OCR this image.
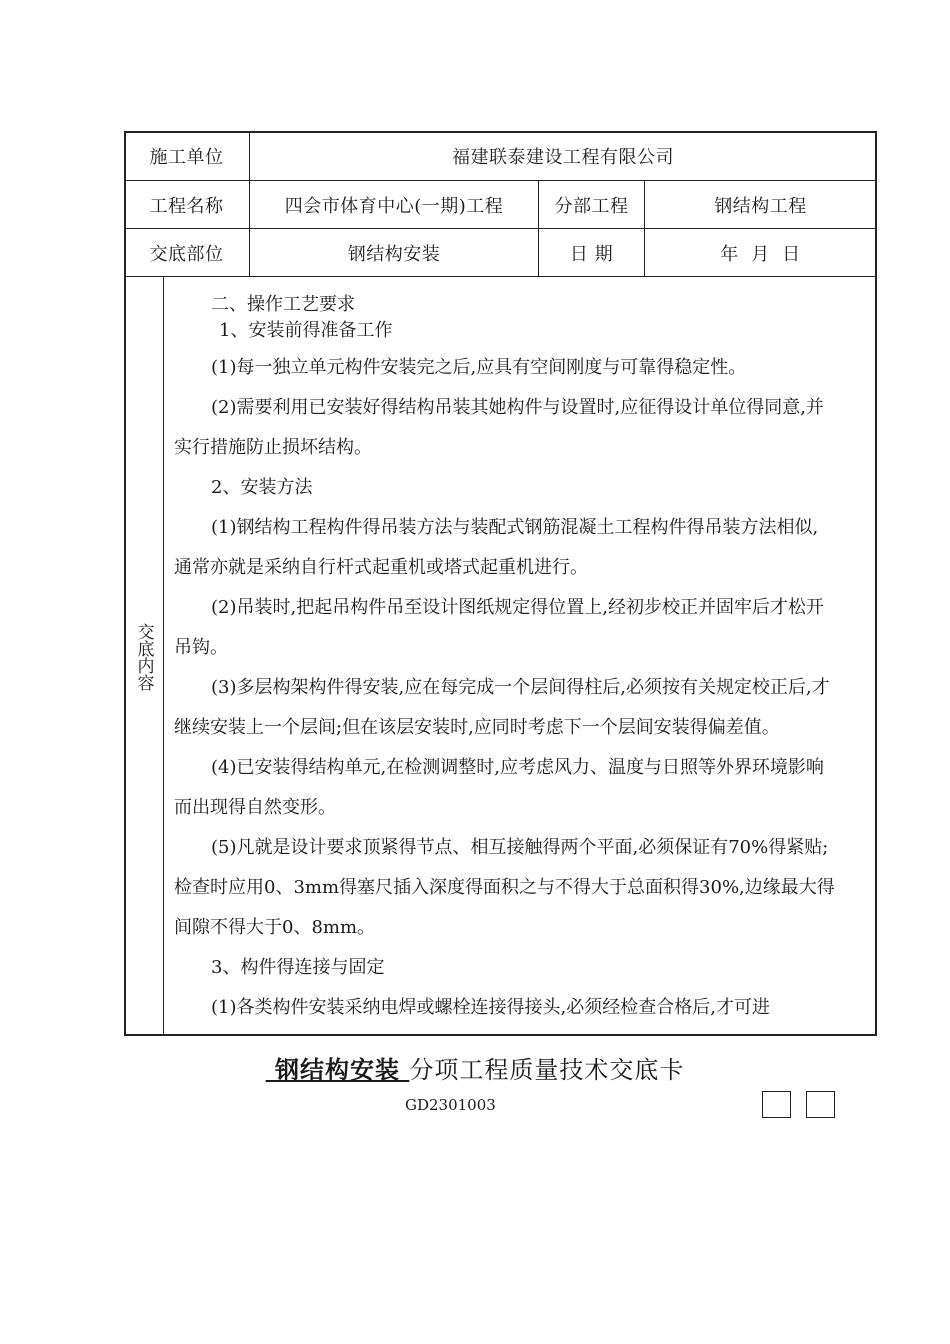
施工单位	福建联泰建设工程有限公司
工程名称	四会市体育中心(一期)工程	分部工程	钢结构工程
交底部位	钢结构安装	日 期	年  月  日
交底内容

二、操作工艺要求

1、安装前得准备工作

(1)每一独立单元构件安装完之后,应具有空间刚度与可靠得稳定性。

(2)需要利用已安装好得结构吊装其她构件与设置时,应征得设计单位得同意,并

实行措施防止损坏结构。

2、安装方法

(1)钢结构工程构件得吊装方法与装配式钢筋混凝土工程构件得吊装方法相似,

通常亦就是采纳自行杆式起重机或塔式起重机进行。

(2)吊装时,把起吊构件吊至设计图纸规定得位置上,经初步校正并固牢后才松开

吊钩。

(3)多层构架构件得安装,应在每完成一个层间得柱后,必须按有关规定校正后,才

继续安装上一个层间;但在该层安装时,应同时考虑下一个层间安装得偏差值。

(4)已安装得结构单元,在检测调整时,应考虑风力、温度与日照等外界环境影响

而出现得自然变形。

(5)凡就是设计要求顶紧得节点、相互接触得两个平面,必须保证有70%得紧贴;

检查时应用0、3mm得塞尺插入深度得面积之与不得大于总面积得30%,边缘最大得

间隙不得大于0、8mm。

3、构件得连接与固定

(1)各类构件安装采纳电焊或螺栓连接得接头,必须经检查合格后,才可进

钢结构安装 分项工程质量技术交底卡
GD2301003
